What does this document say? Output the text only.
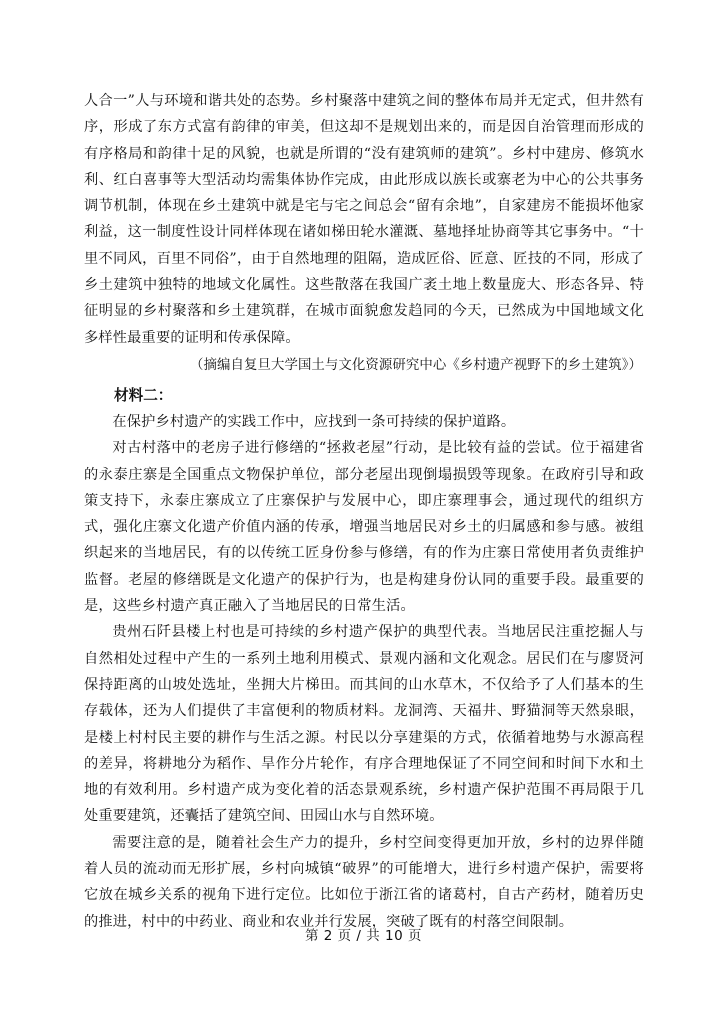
人合一”人与环境和谐共处的态势。乡村聚落中建筑之间的整体布局并无定式，但井然有序，形成了东方式富有韵律的审美，但这却不是规划出来的，而是因自治管理而形成的有序格局和韵律十足的风貌，也就是所谓的“没有建筑师的建筑”。乡村中建房、修筑水利、红白喜事等大型活动均需集体协作完成，由此形成以族长或寨老为中心的公共事务调节机制，体现在乡土建筑中就是宅与宅之间总会“留有余地”，自家建房不能损坏他家利益，这一制度性设计同样体现在诸如梯田轮水灌溉、墓地择址协商等其它事务中。“十里不同风，百里不同俗”，由于自然地理的阻隔，造成匠俗、匠意、匠技的不同，形成了乡土建筑中独特的地域文化属性。这些散落在我国广袤土地上数量庞大、形态各异、特征明显的乡村聚落和乡土建筑群，在城市面貌愈发趋同的今天，已然成为中国地域文化多样性最重要的证明和传承保障。

（摘编自复旦大学国土与文化资源研究中心《乡村遗产视野下的乡土建筑》）

材料二：

在保护乡村遗产的实践工作中，应找到一条可持续的保护道路。

对古村落中的老房子进行修缮的“拯救老屋”行动，是比较有益的尝试。位于福建省的永泰庄寨是全国重点文物保护单位，部分老屋出现倒塌损毁等现象。在政府引导和政策支持下，永泰庄寨成立了庄寨保护与发展中心，即庄寨理事会，通过现代的组织方式，强化庄寨文化遗产价值内涵的传承，增强当地居民对乡土的归属感和参与感。被组织起来的当地居民，有的以传统工匠身份参与修缮，有的作为庄寨日常使用者负责维护监督。老屋的修缮既是文化遗产的保护行为，也是构建身份认同的重要手段。最重要的是，这些乡村遗产真正融入了当地居民的日常生活。

贵州石阡县楼上村也是可持续的乡村遗产保护的典型代表。当地居民注重挖掘人与自然相处过程中产生的一系列土地利用模式、景观内涵和文化观念。居民们在与廖贤河保持距离的山坡处选址，坐拥大片梯田。而其间的山水草木，不仅给予了人们基本的生存载体，还为人们提供了丰富便利的物质材料。龙洞湾、天福井、野猫洞等天然泉眼，是楼上村村民主要的耕作与生活之源。村民以分享建渠的方式，依循着地势与水源高程的差异，将耕地分为稻作、旱作分片轮作，有序合理地保证了不同空间和时间下水和土地的有效利用。乡村遗产成为变化着的活态景观系统，乡村遗产保护范围不再局限于几处重要建筑，还囊括了建筑空间、田园山水与自然环境。

需要注意的是，随着社会生产力的提升，乡村空间变得更加开放，乡村的边界伴随着人员的流动而无形扩展，乡村向城镇“破界”的可能增大，进行乡村遗产保护，需要将它放在城乡关系的视角下进行定位。比如位于浙江省的诸葛村，自古产药材，随着历史的推进，村中的中药业、商业和农业并行发展，突破了既有的村落空间限制。

第 2 页 / 共 10 页
